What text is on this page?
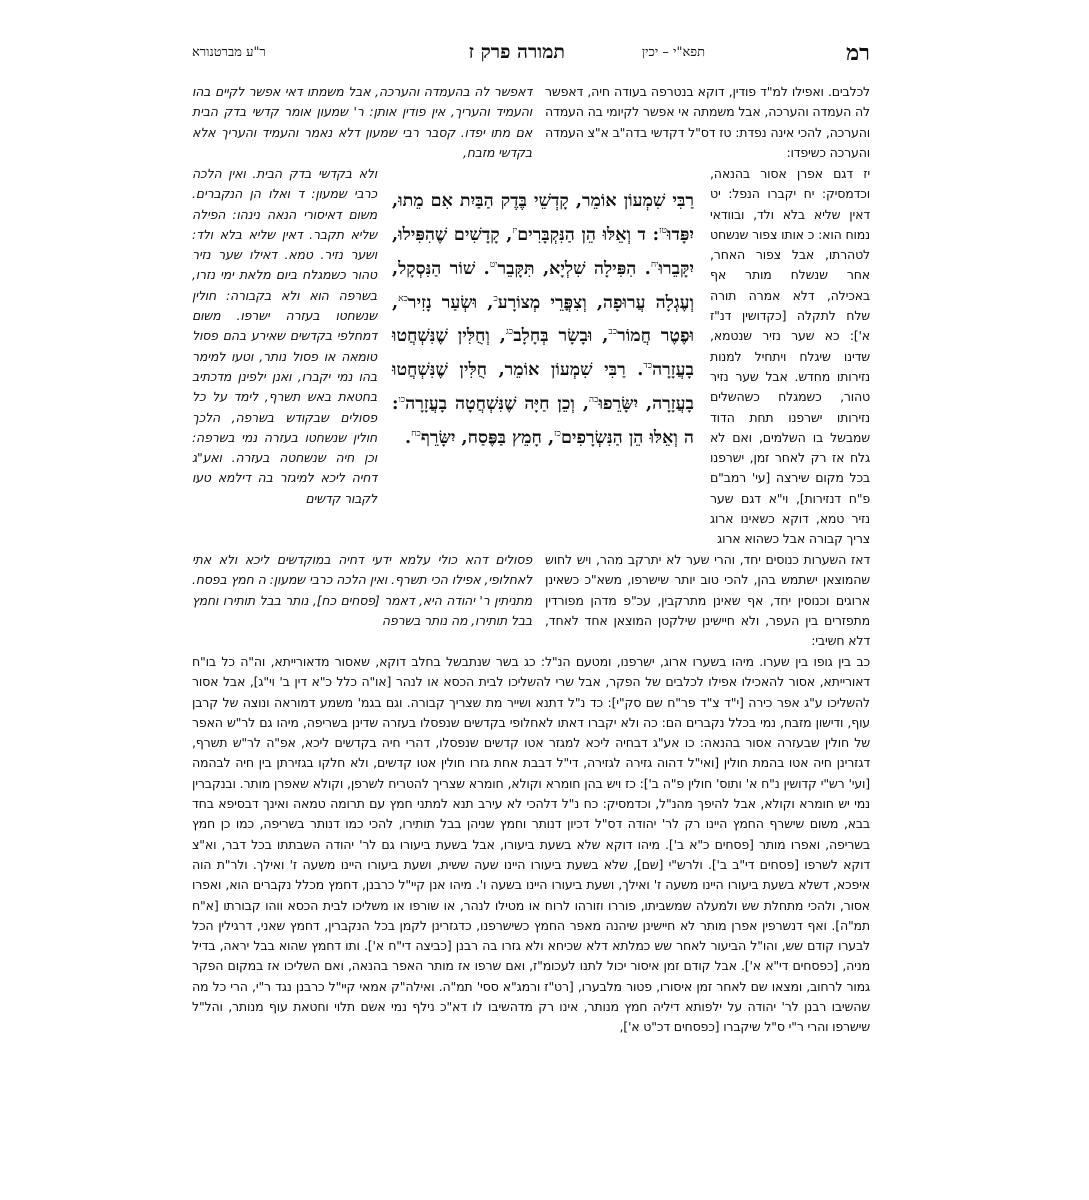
רמ
תפא"י – יכין
תמורה פרק ז
ר"ע מברטנורא
לכלבים. ואפילו למ"ד פודין, דוקא בנטרפה בעודה חיה, דאפשר לה העמדה והערכה, אבל משמתה אי אפשר לקיומי בה העמדה והערכה, להכי אינה נפדת: טז דס"ל דקדשי בדה"ב א"צ העמדה והערכה כשיפדו:
דאפשר לה בהעמדה והערכה, אבל משמתו דאי אפשר לקיים בהו והעמיד והעריך, אין פודין אותן: ר' שמעון אומר קדשי בדק הבית אם מתו יפדו. קסבר רבי שמעון דלא נאמר והעמיד והעריך אלא בקדשי מזבח,
יז דגם אפרן אסור בהנאה, וכדמסיק: יח יקברו הנפל: יט דאין שליא בלא ולד, ובוודאי נמוח הוא: כ אותו צפור שנשחט לטהרתו, אבל צפור האחר, אחר שנשלח מותר אף באכילה, דלא אמרה תורה שלח לתקלה [כקדושין דנ"ז א']: כא שער נזיר שנטמא, שדינו שיגלח ויתחיל למנות נזירותו מחדש. אבל שער נזיר טהור, כשמגלח כשהשלים נזירותו ישרפנו תחת הדוד שמבשל בו השלמים, ואם לא גלח אז רק לאחר זמן, ישרפנו בכל מקום שירצה [עי' רמב"ם פ"ח דנזירות], וי"א דגם שער נזיר טמא, דוקא כשאינו ארוג צריך קבורה אבל כשהוא ארוג
רַבִּי שִׁמְעוֹן אוֹמֵר, קָדְשֵׁי בֶּדֶק הַבַּיִת אִם מֵתוּ, יִפָּדוּ$^{טז}$: ד וְאֵלּוּ הֵן הַנִּקְבָּרִים$^{יז}$, קָדָשִׁים שֶׁהִפִּילוּ, יִקָּבֵרוּ$^{יח}$. הִפִּילָה שִׁלְיָא, תִּקָּבֵר$^{יט}$. שׁוֹר הַנִּסְקָל, וְעֶגְלָה עֲרוּפָה, וְצִפֳּרֵי מְצוֹרָע$^כ$, וּשְׂעַר נָזִיר$^{כא}$, וּפֶטֶר חֲמוֹר$^{כב}$, וּבָשָׂר בְּחָלָב$^{כג}$, וְחֻלִּין שֶׁנִּשְׁחֲטוּ בָעֲזָרָה$^{כד}$. רַבִּי שִׁמְעוֹן אוֹמֵר, חֻלִּין שֶׁנִּשְׁחֲטוּ בָעֲזָרָה, יִשָּׂרֵפוּ$^{כה}$, וְכֵן חַיָּה שֶׁנִּשְׁחֲטָה בָעֲזָרָה$^{כו}$: ה וְאֵלּוּ הֵן הַנִּשְׂרָפִים$^{כז}$, חָמֵץ בַּפֶּסַח, יִשָּׂרֵף$^{כח}$.
ולא בקדשי בדק הבית. ואין הלכה כרבי שמעון: ד ואלו הן הנקברים. משום דאיסורי הנאה נינהו: הפילה שליא תקבר. דאין שליא בלא ולד: ושער נזיר. טמא. דאילו שער נזיר טהור כשמגלח ביום מלאת ימי נזרו, בשרפה הוא ולא בקבורה: חולין שנשחטו בעזרה ישרפו. משום דמחלפי בקדשים שאירע בהם פסול טומאה או פסול נותר, וטעו למימר בהו נמי יקברו, ואנן ילפינן מדכתיב בחטאת באש תשרף, לימד על כל פסולים שבקודש בשרפה, הלכך חולין שנשחטו בעזרה נמי בשרפה: וכן חיה שנשחטה בעזרה. ואע"ג דחיה ליכא למיגזר בה דילמא טעו לקבור קדשים
דאז השערות כנוסים יחד, והרי שער לא יתרקב מהר, ויש לחוש שהמוצאן ישתמש בהן, להכי טוב יותר שישרפו, משא"כ כשאינן ארוגים וכנוסין יחד, אף שאינן מתרקבין, עכ"פ מדהן מפורדין מתפזרים בין העפר, ולא חיישינן שילקטן המוצאן אחד לאחד, דלא חשיבי:
פסולים דהא כולי עלמא ידעי דחיה במוקדשים ליכא ולא אתי לאחלופי, אפילו הכי תשרף. ואין הלכה כרבי שמעון: ה חמץ בפסח. מתניתין ר' יהודה היא, דאמר [פסחים כח], נותר בבל תותירו וחמץ בבל תותירו, מה נותר בשרפה
כב בין גופו בין שערו. מיהו בשערו ארוג, ישרפנו, ומטעם הנ"ל: כג בשר שנתבשל בחלב דוקא, שאסור מדאורייתא, וה"ה כל בו"ח דאורייתא, אסור להאכילו אפילו לכלבים של הפקר, אבל שרי להשליכו לבית הכסא או לנהר [או"ה כלל כ"א דין ב' וי"ג], אבל אסור להשליכו ע"ג אפר כירה [י"ד צ"ד פר"ח שם סק"י]: כד נ"ל דתנא ושייר מת שצריך קבורה. וגם בגמ' משמע דמוראה ונוצה של קרבן עוף, ודישון מזבח, נמי בכלל נקברים הם: כה ולא יקברו דאתו לאחלופי בקדשים שנפסלו בעזרה שדינן בשריפה, מיהו גם לר"ש האפר של חולין שבעזרה אסור בהנאה: כו אע"ג דבחיה ליכא למגזר אטו קדשים שנפסלו, דהרי חיה בקדשים ליכא, אפ"ה לר"ש תשרף, דגזרינן חיה אטו בהמת חולין [ואי"ל דהוה גזירה לגזירה, די"ל דבבת אחת גזרו חולין אטו קדשים, ולא חלקו בגזירתן בין חיה לבהמה [ועי' רש"י קדושין נ"ח א' ותוס' חולין פ"ה ב']: כז ויש בהן חומרא וקולא, חומרא שצריך להטריח לשרפן, וקולא שאפרן מותר. ובנקברין נמי יש חומרא וקולא, אבל להיפך מהנ"ל, וכדמסיק: כח נ"ל דלהכי לא עירב תנא למתני חמץ עם תרומה טמאה ואינך דבסיפא בחד בבא, משום שישרף החמץ היינו רק לר' יהודה דס"ל דכיון דנותר וחמץ שניהן בבל תותירו, להכי כמו דנותר בשריפה, כמו כן חמץ בשריפה, ואפרו מותר [פסחים כ"א ב']. מיהו דוקא שלא בשעת ביעורו, אבל בשעת ביעורו גם לר' יהודה השבתתו בכל דבר, וא"צ דוקא לשרפו [פסחים די"ב ב']. ולרש"י [שם], שלא בשעת ביעורו היינו שעה ששית, ושעת ביעורו היינו משעה ז' ואילך. ולר"ת הוה איפכא, דשלא בשעת ביעורו היינו משעה ז' ואילך, ושעת ביעורו היינו בשעה ו'. מיהו אנן קיי"ל כרבנן, דחמץ מכלל נקברים הוא, ואפרו אסור, ולהכי מתחלת שש ולמעלה שמשביתו, פוררו וזורהו לרוח או מטילו לנהר, או שורפו או משליכו לבית הכסא ווהו קבורתו [א"ח תמ"ה]. ואף דנשרפין אפרן מותר לא חיישינן שיהנה מאפר החמץ כשישרפנו, כדגזרינן לקמן בכל הנקברין, דחמץ שאני, דרגילין הכל לבערו קודם שש, והו"ל הביעור לאחר שש כמלתא דלא שכיחא ולא גזרו בה רבנן [כביצה די"ח א']. ותו דחמץ שהוא בבל יראה, בדיל מניה, [כפסחים די"א א']. אבל קודם זמן איסור יכול לתנו לעכומ"ז, ואם שרפו אז מותר האפר בהנאה, ואם השליכו אז במקום הפקר גמור לרחוב, ומצאו שם לאחר זמן איסורו, פטור מלבערו, [רט"ז ורמג"א ססי' תמ"ה. ואילה"ק אמאי קיי"ל כרבנן נגד ר"י, הרי כל מה שהשיבו רבנן לר' יהודה על ילפותא דיליה חמץ מנותר, אינו רק מדהשיבו לו דא"כ נילף נמי אשם תלוי וחטאת עוף מנותר, והל"ל שישרפו והרי ר"י ס"ל שיקברו [כפסחים דכ"ט א'],
